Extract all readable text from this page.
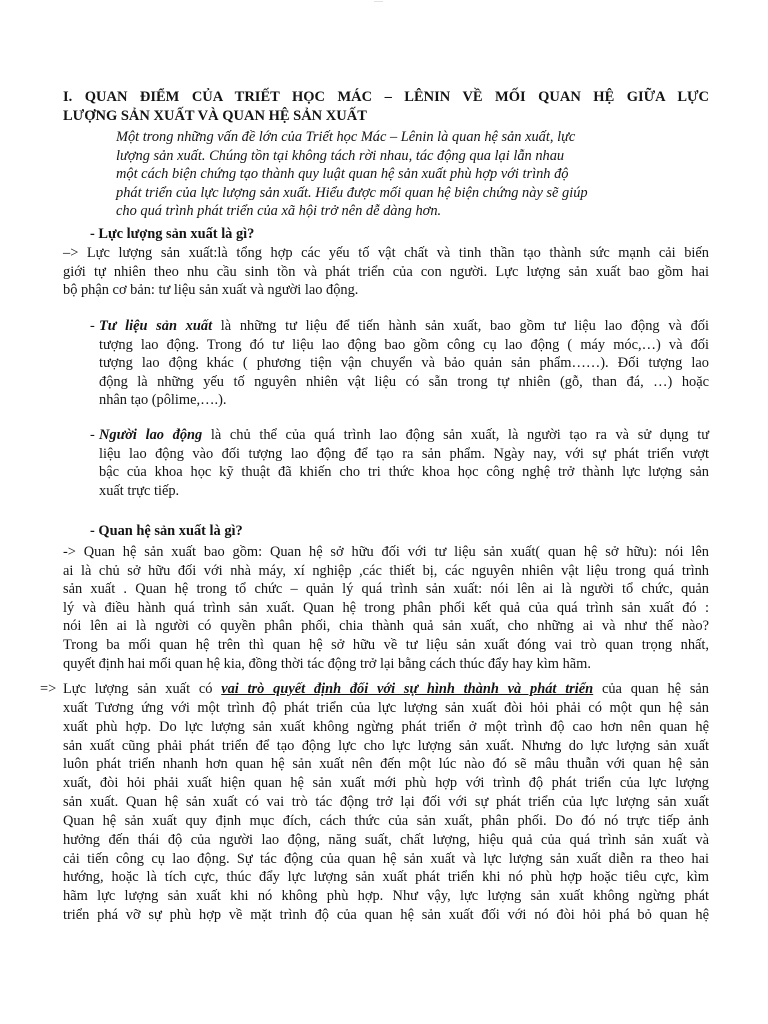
—
I. QUAN ĐIỂM CỦA TRIẾT HỌC MÁC – LÊNIN VỀ MỐI QUAN HỆ GIỮA LỰC
LƯỢNG SẢN XUẤT VÀ QUAN HỆ SẢN XUẤT
Một trong những vấn đề lớn của Triết học Mác – Lênin là quan hệ sản xuất, lực
lượng sản xuất. Chúng tồn tại không tách rời nhau, tác động qua lại lẫn nhau
một cách biện chứng tạo thành quy luật quan hệ sản xuất phù hợp với trình độ
phát triển của lực lượng sản xuất. Hiểu được mối quan hệ biện chứng này sẽ giúp
cho quá trình phát triển của xã hội trở nên dễ dàng hơn.
- Lực lượng sản xuất là gì?
–> Lực lượng sản xuất:là tổng hợp các yếu tố vật chất và tinh thần tạo thành sức mạnh cải biến
giới tự nhiên theo nhu cầu sinh tồn và phát triển của con người. Lực lượng sản xuất bao gồm hai
bộ phận cơ bản: tư liệu sản xuất và người lao động.
- Tư liệu sản xuất là những tư liệu để tiến hành sản xuất, bao gồm tư liệu lao động và đối
tượng lao động. Trong đó tư liệu lao động bao gồm công cụ lao động ( máy móc,…) và đối
tượng lao động khác ( phương tiện vận chuyển và bảo quản sản phẩm……). Đối tượng lao
động là những yếu tố nguyên nhiên vật liệu có sẵn trong tự nhiên (gỗ, than đá, …) hoặc
nhân tạo (pôlime,….).
- Người lao động là chủ thể của quá trình lao động sản xuất, là người tạo ra và sử dụng tư
liệu lao động vào đối tượng lao động để tạo ra sản phẩm. Ngày nay, với sự phát triển vượt
bậc của khoa học kỹ thuật đã khiến cho tri thức khoa học công nghệ trở thành lực lượng sản
xuất trực tiếp.
- Quan hệ sản xuất là gì?
-> Quan hệ sản xuất bao gồm: Quan hệ sở hữu đối với tư liệu sản xuất( quan hệ sở hữu): nói lên
ai là chủ sở hữu đối với nhà máy, xí nghiệp ,các thiết bị, các nguyên nhiên vật liệu trong quá trình
sản xuất . Quan hệ trong tổ chức – quản lý quá trình sản xuất: nói lên ai là người tổ chức, quản
lý và điều hành quá trình sản xuất. Quan hệ trong phân phối kết quả của quá trình sản xuất đó :
nói lên ai là người có quyền phân phối, chia thành quả sản xuất, cho những ai và như thế nào?
Trong ba mối quan hệ trên thì quan hệ sở hữu về tư liệu sản xuất đóng vai trò quan trọng nhất,
quyết định hai mối quan hệ kia, đồng thời tác động trở lại bằng cách thúc đẩy hay kìm hãm.
=> Lực lượng sản xuất có vai trò quyết định đối với sự hình thành và phát triển của quan hệ sản
xuất Tương ứng với một trình độ phát triển của lực lượng sản xuất đòi hỏi phải có một qun hệ sản
xuất phù hợp. Do lực lượng sản xuất không ngừng phát triển ở một trình độ cao hơn nên quan hệ
sản xuất cũng phải phát triển để tạo động lực cho lực lượng sản xuất. Nhưng do lực lượng sản xuất
luôn phát triển nhanh hơn quan hệ sản xuất nên đến một lúc nào đó sẽ mâu thuẫn với quan hệ sản
xuất, đòi hỏi phải xuất hiện quan hệ sản xuất mới phù hợp với trình độ phát triển của lực lượng
sản xuất. Quan hệ sản xuất có vai trò tác động trở lại đối với sự phát triển của lực lượng sản xuất
Quan hệ sản xuất quy định mục đích, cách thức của sản xuất, phân phối. Do đó nó trực tiếp ảnh
hưởng đến thái độ của người lao động, năng suất, chất lượng, hiệu quả của quá trình sản xuất và
cải tiến công cụ lao động. Sự tác động của quan hệ sản xuất và lực lượng sản xuất diễn ra theo hai
hướng, hoặc là tích cực, thúc đẩy lực lượng sản xuất phát triển khi nó phù hợp hoặc tiêu cực, kìm
hãm lực lượng sản xuất khi nó không phù hợp. Như vậy, lực lượng sản xuất không ngừng phát
triển phá vỡ sự phù hợp về mặt trình độ của quan hệ sản xuất đối với nó đòi hỏi phá bỏ quan hệ
